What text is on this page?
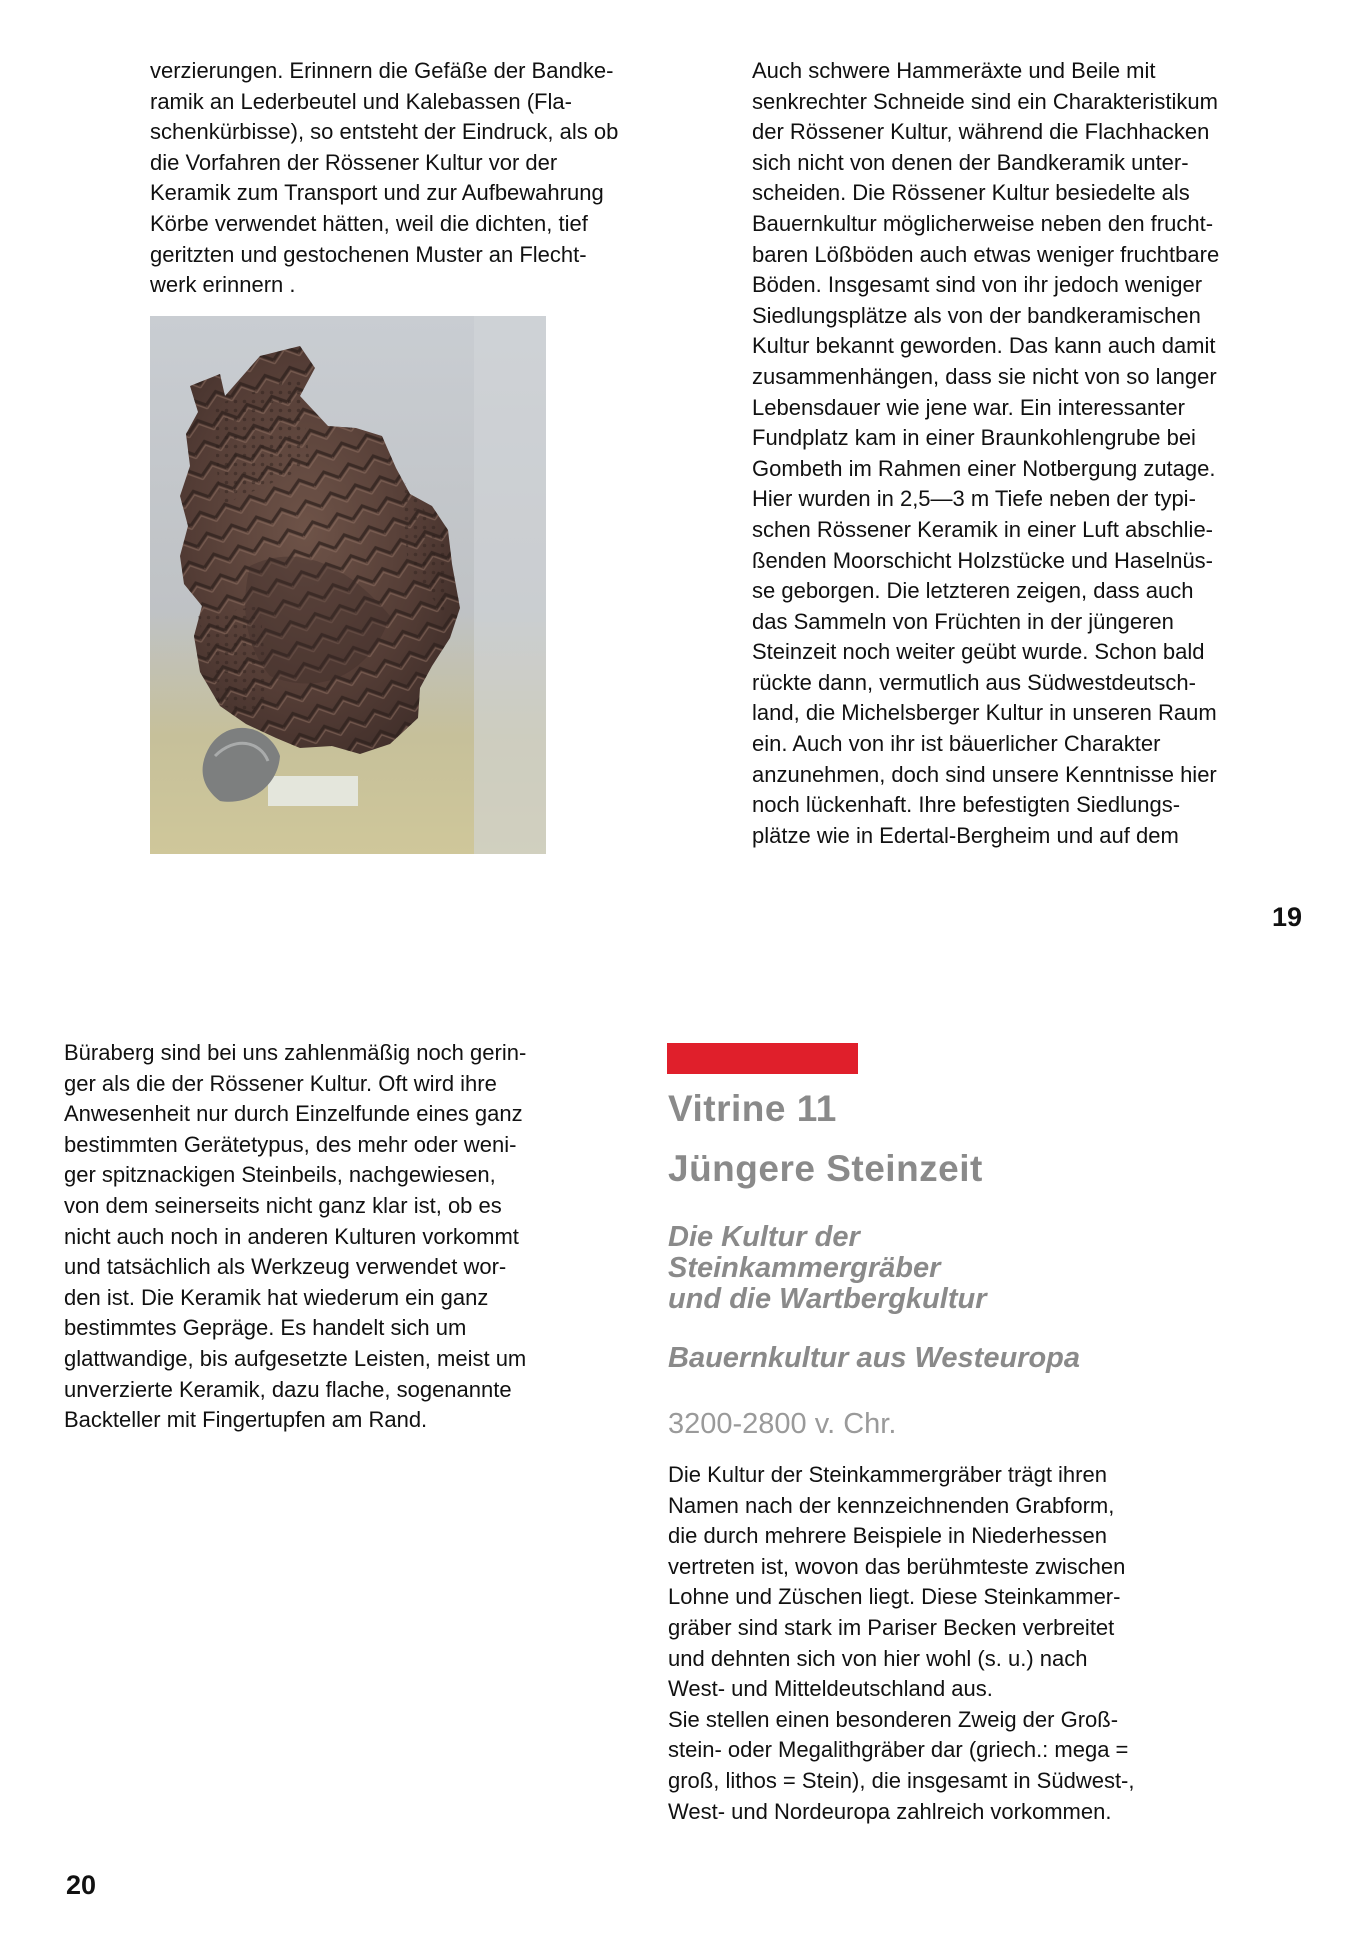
verzierungen. Erinnern die Gefäße der Bandke-
ramik an Lederbeutel und Kalebassen (Fla-
schenkürbisse), so entsteht der Eindruck, als ob
die Vorfahren der Rössener Kultur vor der
Keramik zum Transport und zur Aufbewahrung
Körbe verwendet hätten, weil die dichten, tief
geritzten und gestochenen Muster an Flecht-
werk erinnern .

Auch schwere Hammeräxte und Beile mit
senkrechter Schneide sind ein Charakteristikum
der Rössener Kultur, während die Flachhacken
sich nicht von denen der Bandkeramik unter-
scheiden. Die Rössener Kultur besiedelte als
Bauernkultur möglicherweise neben den frucht-
baren Lößböden auch etwas weniger fruchtbare
Böden. Insgesamt sind von ihr jedoch weniger
Siedlungsplätze als von der bandkeramischen
Kultur bekannt geworden. Das kann auch damit
zusammenhängen, dass sie nicht von so langer
Lebensdauer wie jene war. Ein interessanter
Fundplatz kam in einer Braunkohlengrube bei
Gombeth im Rahmen einer Notbergung zutage.
Hier wurden in 2,5—3 m Tiefe neben der typi-
schen Rössener Keramik in einer Luft abschlie-
ßenden Moorschicht Holzstücke und Haselnüs-
se geborgen. Die letzteren zeigen, dass auch
das Sammeln von Früchten in der jüngeren
Steinzeit noch weiter geübt wurde. Schon bald
rückte dann, vermutlich aus Südwestdeutsch-
land, die Michelsberger Kultur in unseren Raum
ein. Auch von ihr ist bäuerlicher Charakter
anzunehmen, doch sind unsere Kenntnisse hier
noch lückenhaft. Ihre befestigten Siedlungs-
plätze wie in Edertal-Bergheim und auf dem

19

Büraberg sind bei uns zahlenmäßig noch gerin-
ger als die der Rössener Kultur. Oft wird ihre
Anwesenheit nur durch Einzelfunde eines ganz
bestimmten Gerätetypus, des mehr oder weni-
ger spitznackigen Steinbeils, nachgewiesen,
von dem seinerseits nicht ganz klar ist, ob es
nicht auch noch in anderen Kulturen vorkommt
und tatsächlich als Werkzeug verwendet wor-
den ist. Die Keramik hat wiederum ein ganz
bestimmtes Gepräge. Es handelt sich um
glattwandige, bis aufgesetzte Leisten, meist um
unverzierte Keramik, dazu flache, sogenannte
Backteller mit Fingertupfen am Rand.

Vitrine 11
Jüngere Steinzeit
Die Kultur der
Steinkammergräber
und die Wartbergkultur
Bauernkultur aus Westeuropa
3200-2800 v. Chr.

Die Kultur der Steinkammergräber trägt ihren
Namen nach der kennzeichnenden Grabform,
die durch mehrere Beispiele in Niederhessen
vertreten ist, wovon das berühmteste zwischen
Lohne und Züschen liegt. Diese Steinkammer-
gräber sind stark im Pariser Becken verbreitet
und dehnten sich von hier wohl (s. u.) nach
West- und Mitteldeutschland aus.
Sie stellen einen besonderen Zweig der Groß-
stein- oder Megalithgräber dar (griech.: mega =
groß, lithos = Stein), die insgesamt in Südwest-,
West- und Nordeuropa zahlreich vorkommen.

20
